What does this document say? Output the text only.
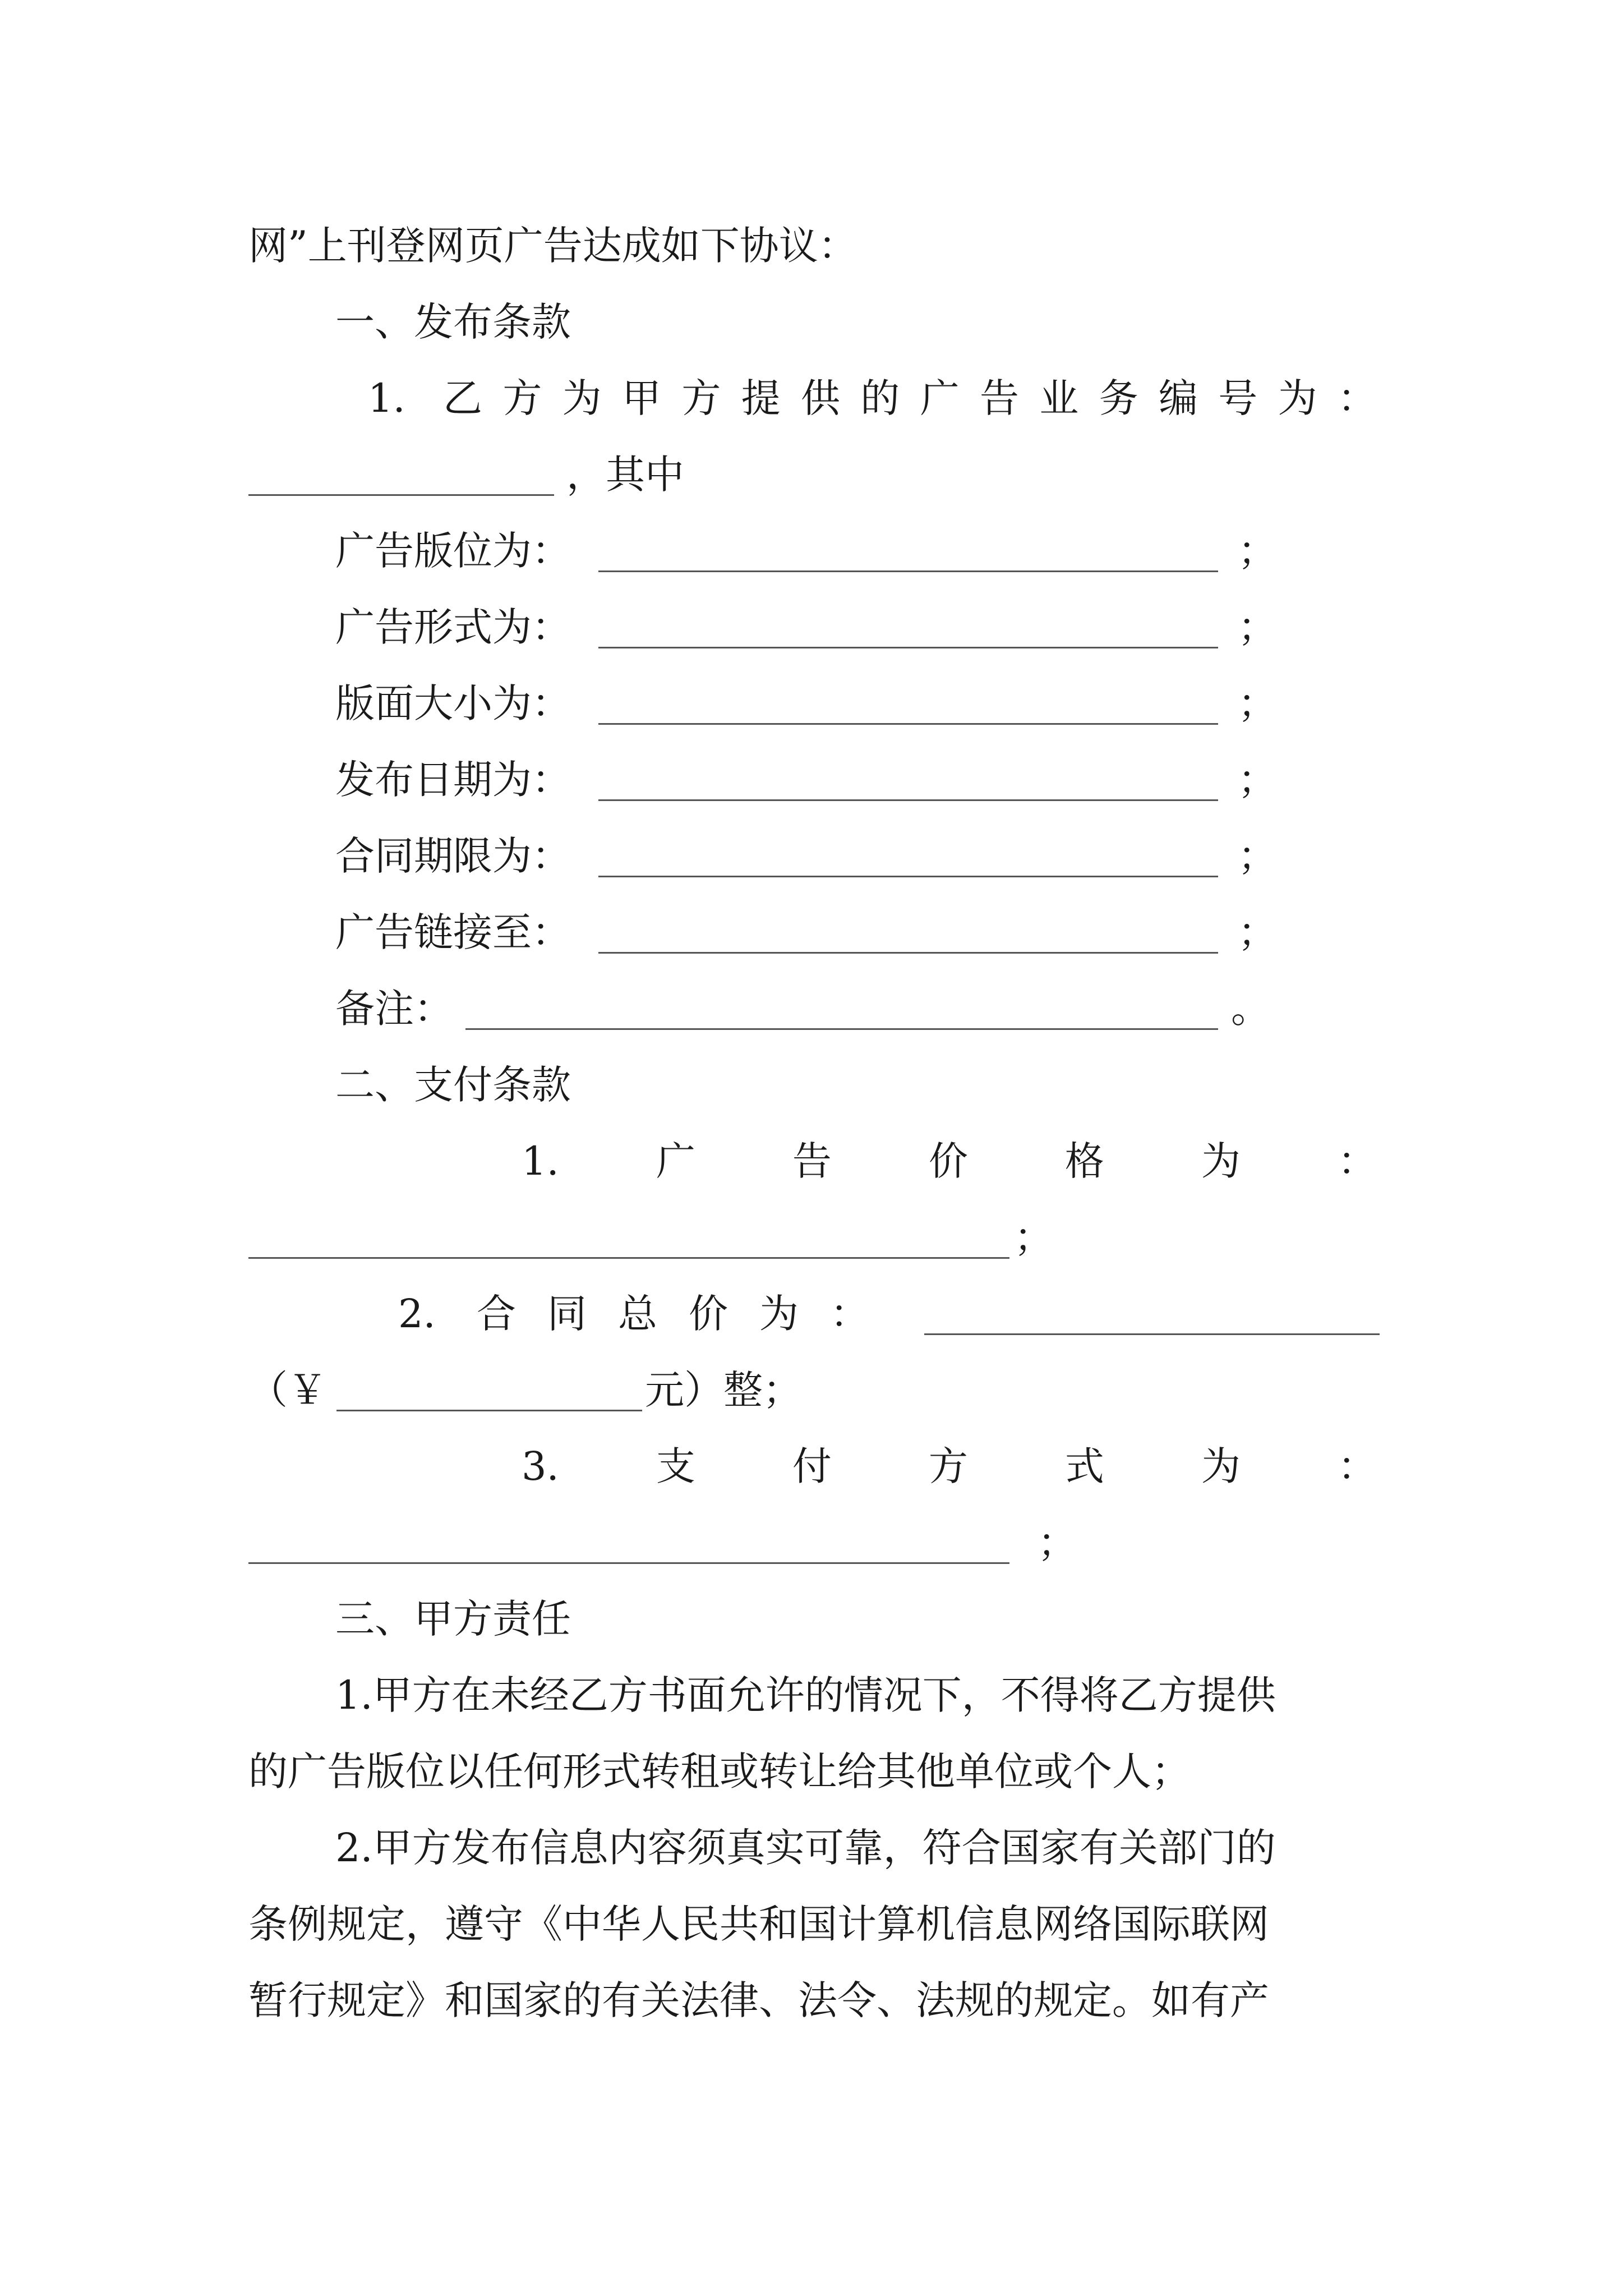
网”上刊登网页广告达成如下协议：
一、发布条款
1. 乙 方 为 甲 方 提 供 的 广 告 业 务 编 号 为 ：
，其中
广告版位为：	；
广告形式为：	；
版面大小为：	；
发布日期为：	；
合同期限为：	；
广告链接至：	；
备注：	。
二、支付条款
1. 广 告 价 格 为 ：
；
2. 合 同 总 价 为 ：
（￥	元）整；
3. 支 付 方 式 为 ：
；
三、甲方责任
1.甲方在未经乙方书面允许的情况下，不得将乙方提供
的广告版位以任何形式转租或转让给其他单位或个人；
2.甲方发布信息内容须真实可靠，符合国家有关部门的
条例规定，遵守《中华人民共和国计算机信息网络国际联网
暂行规定》和国家的有关法律、法令、法规的规定。如有产
